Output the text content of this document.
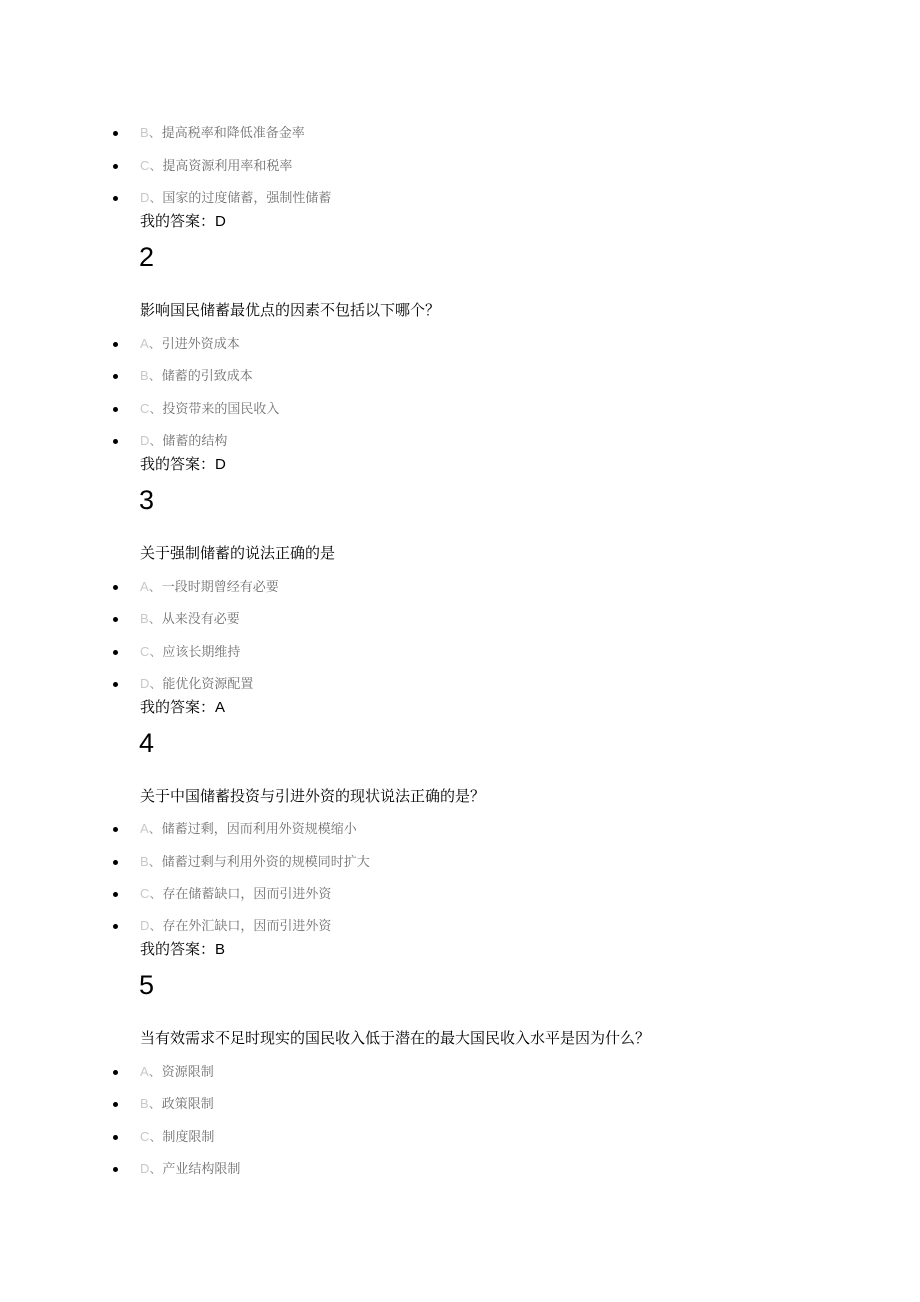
B、提高税率和降低准备金率
C、提高资源利用率和税率
D、国家的过度储蓄，强制性储蓄
我的答案：D
2
影响国民储蓄最优点的因素不包括以下哪个？
A、引进外资成本
B、储蓄的引致成本
C、投资带来的国民收入
D、储蓄的结构
我的答案：D
3
关于强制储蓄的说法正确的是
A、一段时期曾经有必要
B、从来没有必要
C、应该长期维持
D、能优化资源配置
我的答案：A
4
关于中国储蓄投资与引进外资的现状说法正确的是？
A、储蓄过剩，因而利用外资规模缩小
B、储蓄过剩与利用外资的规模同时扩大
C、存在储蓄缺口，因而引进外资
D、存在外汇缺口，因而引进外资
我的答案：B
5
当有效需求不足时现实的国民收入低于潜在的最大国民收入水平是因为什么？
A、资源限制
B、政策限制
C、制度限制
D、产业结构限制
